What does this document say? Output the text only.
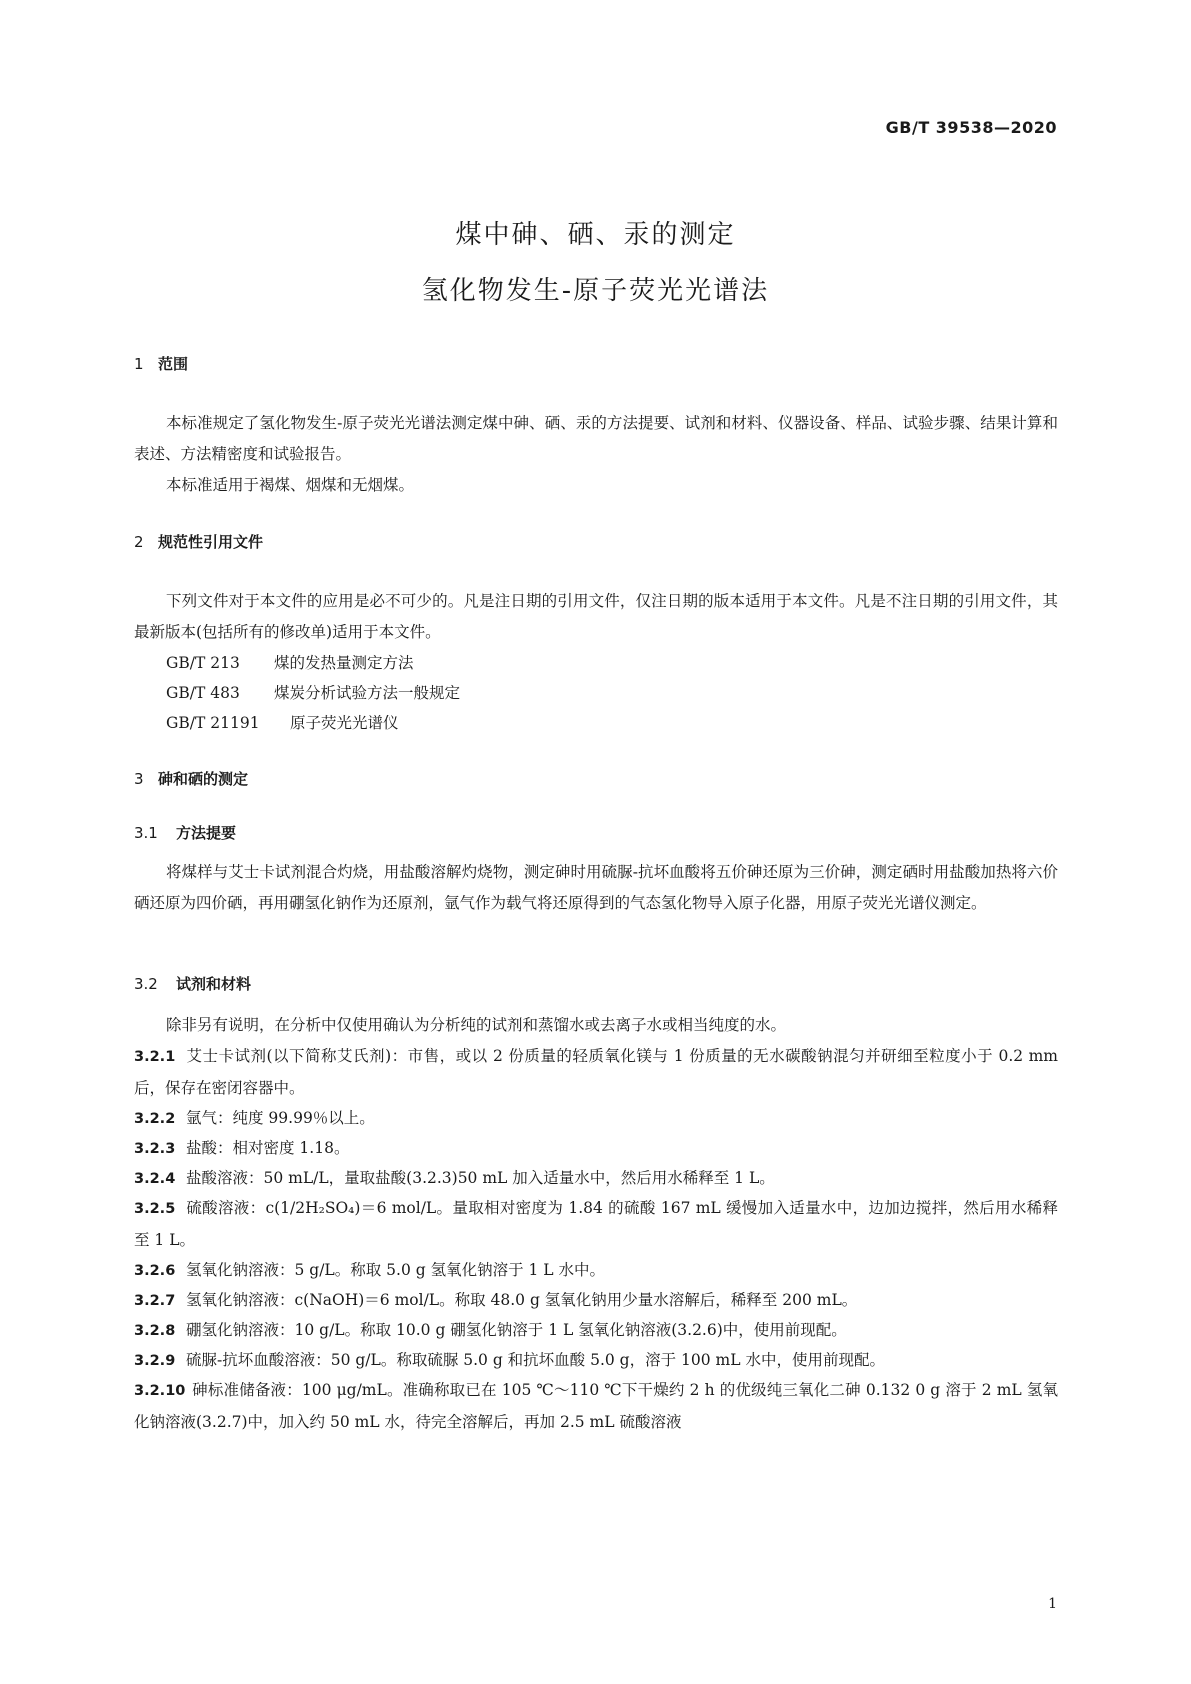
GB/T 39538—2020
煤中砷、硒、汞的测定
氢化物发生-原子荧光光谱法
1 范围

本标准规定了氢化物发生-原子荧光光谱法测定煤中砷、硒、汞的方法提要、试剂和材料、仪器设备、样品、试验步骤、结果计算和表述、方法精密度和试验报告。

本标准适用于褐煤、烟煤和无烟煤。

2 规范性引用文件

下列文件对于本文件的应用是必不可少的。凡是注日期的引用文件，仅注日期的版本适用于本文件。凡是不注日期的引用文件，其最新版本(包括所有的修改单)适用于本文件。

GB/T 213 煤的发热量测定方法
GB/T 483 煤炭分析试验方法一般规定
GB/T 21191 原子荧光光谱仪
3 砷和硒的测定
3.1 方法提要

将煤样与艾士卡试剂混合灼烧，用盐酸溶解灼烧物，测定砷时用硫脲-抗坏血酸将五价砷还原为三价砷，测定硒时用盐酸加热将六价硒还原为四价硒，再用硼氢化钠作为还原剂，氩气作为载气将还原得到的气态氢化物导入原子化器，用原子荧光光谱仪测定。

3.2 试剂和材料

除非另有说明，在分析中仅使用确认为分析纯的试剂和蒸馏水或去离子水或相当纯度的水。

3.2.1 艾士卡试剂(以下简称艾氏剂)：市售，或以 2 份质量的轻质氧化镁与 1 份质量的无水碳酸钠混匀并研细至粒度小于 0.2 mm 后，保存在密闭容器中。

3.2.2 氩气：纯度 99.99％以上。

3.2.3 盐酸：相对密度 1.18。

3.2.4 盐酸溶液：50 mL/L，量取盐酸(3.2.3)50 mL 加入适量水中，然后用水稀释至 1 L。

3.2.5 硫酸溶液：c(1/2H₂SO₄)＝6 mol/L。量取相对密度为 1.84 的硫酸 167 mL 缓慢加入适量水中，边加边搅拌，然后用水稀释至 1 L。

3.2.6 氢氧化钠溶液：5 g/L。称取 5.0 g 氢氧化钠溶于 1 L 水中。

3.2.7 氢氧化钠溶液：c(NaOH)＝6 mol/L。称取 48.0 g 氢氧化钠用少量水溶解后，稀释至 200 mL。

3.2.8 硼氢化钠溶液：10 g/L。称取 10.0 g 硼氢化钠溶于 1 L 氢氧化钠溶液(3.2.6)中，使用前现配。

3.2.9 硫脲-抗坏血酸溶液：50 g/L。称取硫脲 5.0 g 和抗坏血酸 5.0 g，溶于 100 mL 水中，使用前现配。

3.2.10 砷标准储备液：100 μg/mL。准确称取已在 105 ℃～110 ℃下干燥约 2 h 的优级纯三氧化二砷 0.132 0 g 溶于 2 mL 氢氧化钠溶液(3.2.7)中，加入约 50 mL 水，待完全溶解后，再加 2.5 mL 硫酸溶液

1
